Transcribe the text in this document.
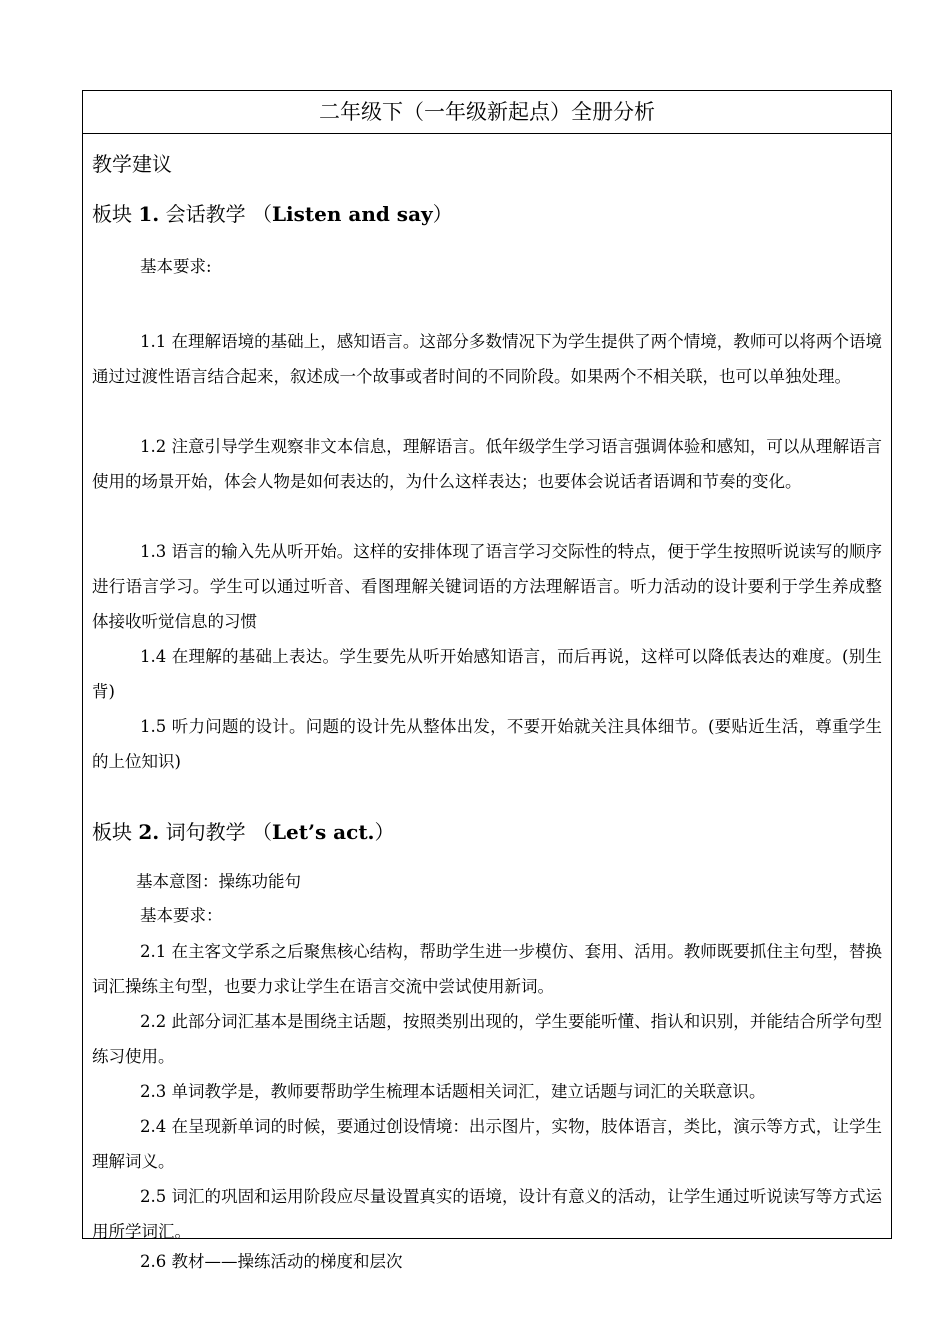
二年级下（一年级新起点）全册分析
教学建议
板块 1. 会话教学 （Listen and say）
基本要求:
1.1 在理解语境的基础上，感知语言。这部分多数情况下为学生提供了两个情境，教师可以将两个语境通过过渡性语言结合起来，叙述成一个故事或者时间的不同阶段。如果两个不相关联，也可以单独处理。
1.2 注意引导学生观察非文本信息，理解语言。低年级学生学习语言强调体验和感知，可以从理解语言使用的场景开始，体会人物是如何表达的，为什么这样表达；也要体会说话者语调和节奏的变化。
1.3 语言的输入先从听开始。这样的安排体现了语言学习交际性的特点，便于学生按照听说读写的顺序进行语言学习。学生可以通过听音、看图理解关键词语的方法理解语言。听力活动的设计要利于学生养成整体接收听觉信息的习惯
1.4 在理解的基础上表达。学生要先从听开始感知语言，而后再说，这样可以降低表达的难度。(别生背)
1.5 听力问题的设计。问题的设计先从整体出发，不要开始就关注具体细节。(要贴近生活，尊重学生的上位知识)
板块 2. 词句教学 （Let’s act.）
基本意图：操练功能句
基本要求：
2.1 在主客文学系之后聚焦核心结构，帮助学生进一步模仿、套用、活用。教师既要抓住主句型，替换词汇操练主句型，也要力求让学生在语言交流中尝试使用新词。
2.2 此部分词汇基本是围绕主话题，按照类别出现的，学生要能听懂、指认和识别，并能结合所学句型练习使用。
2.3 单词教学是，教师要帮助学生梳理本话题相关词汇，建立话题与词汇的关联意识。
2.4 在呈现新单词的时候，要通过创设情境：出示图片，实物，肢体语言，类比，演示等方式，让学生理解词义。
2.5 词汇的巩固和运用阶段应尽量设置真实的语境，设计有意义的活动，让学生通过听说读写等方式运用所学词汇。
2.6 教材——操练活动的梯度和层次
